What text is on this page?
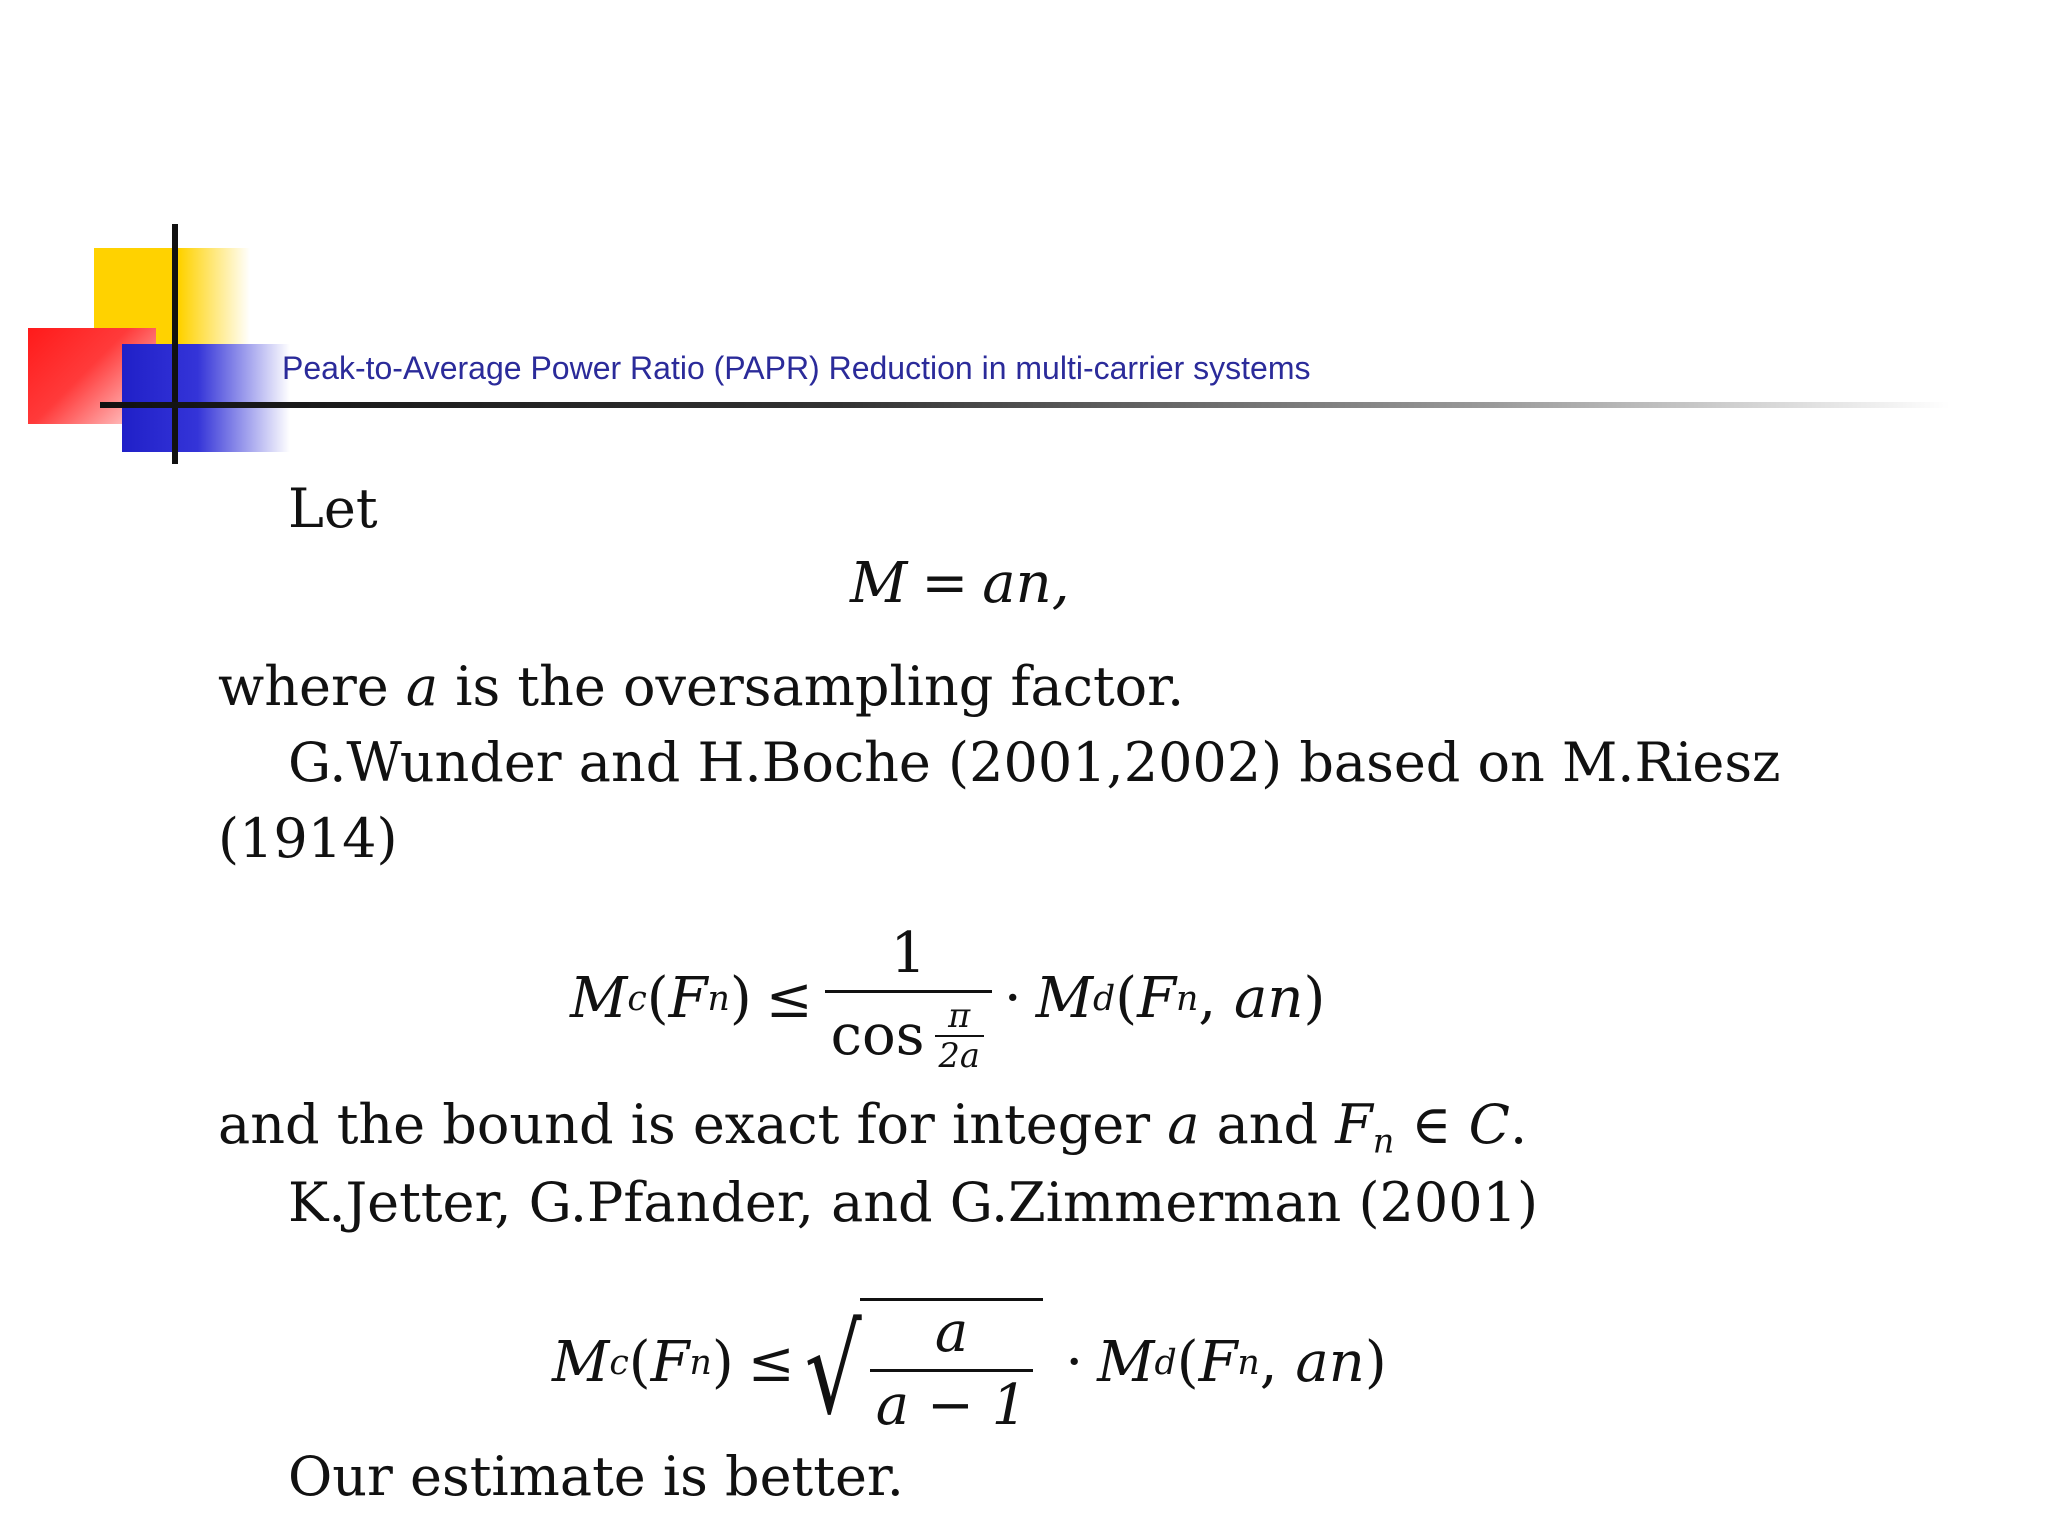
Peak-to-Average Power Ratio (PAPR) Reduction in multi-carrier systems
Let
M = an,
where a is the oversampling factor.
G.Wunder and H.Boche (2001,2002) based on M.Riesz
(1914)
M c ( F n ) ≤ $\frac{1}{\cos \frac{\pi}{2a}} \cdot M$ d ( F n , an )
and the bound is exact for integer a and $F_n$ ∈ C.
K.Jetter, G.Pfander, and G.Zimmerman (2001)
M c ( F n ) ≤ √ $\frac{a}{a - 1} \cdot M$ d ( F n , an )
Our estimate is better.
